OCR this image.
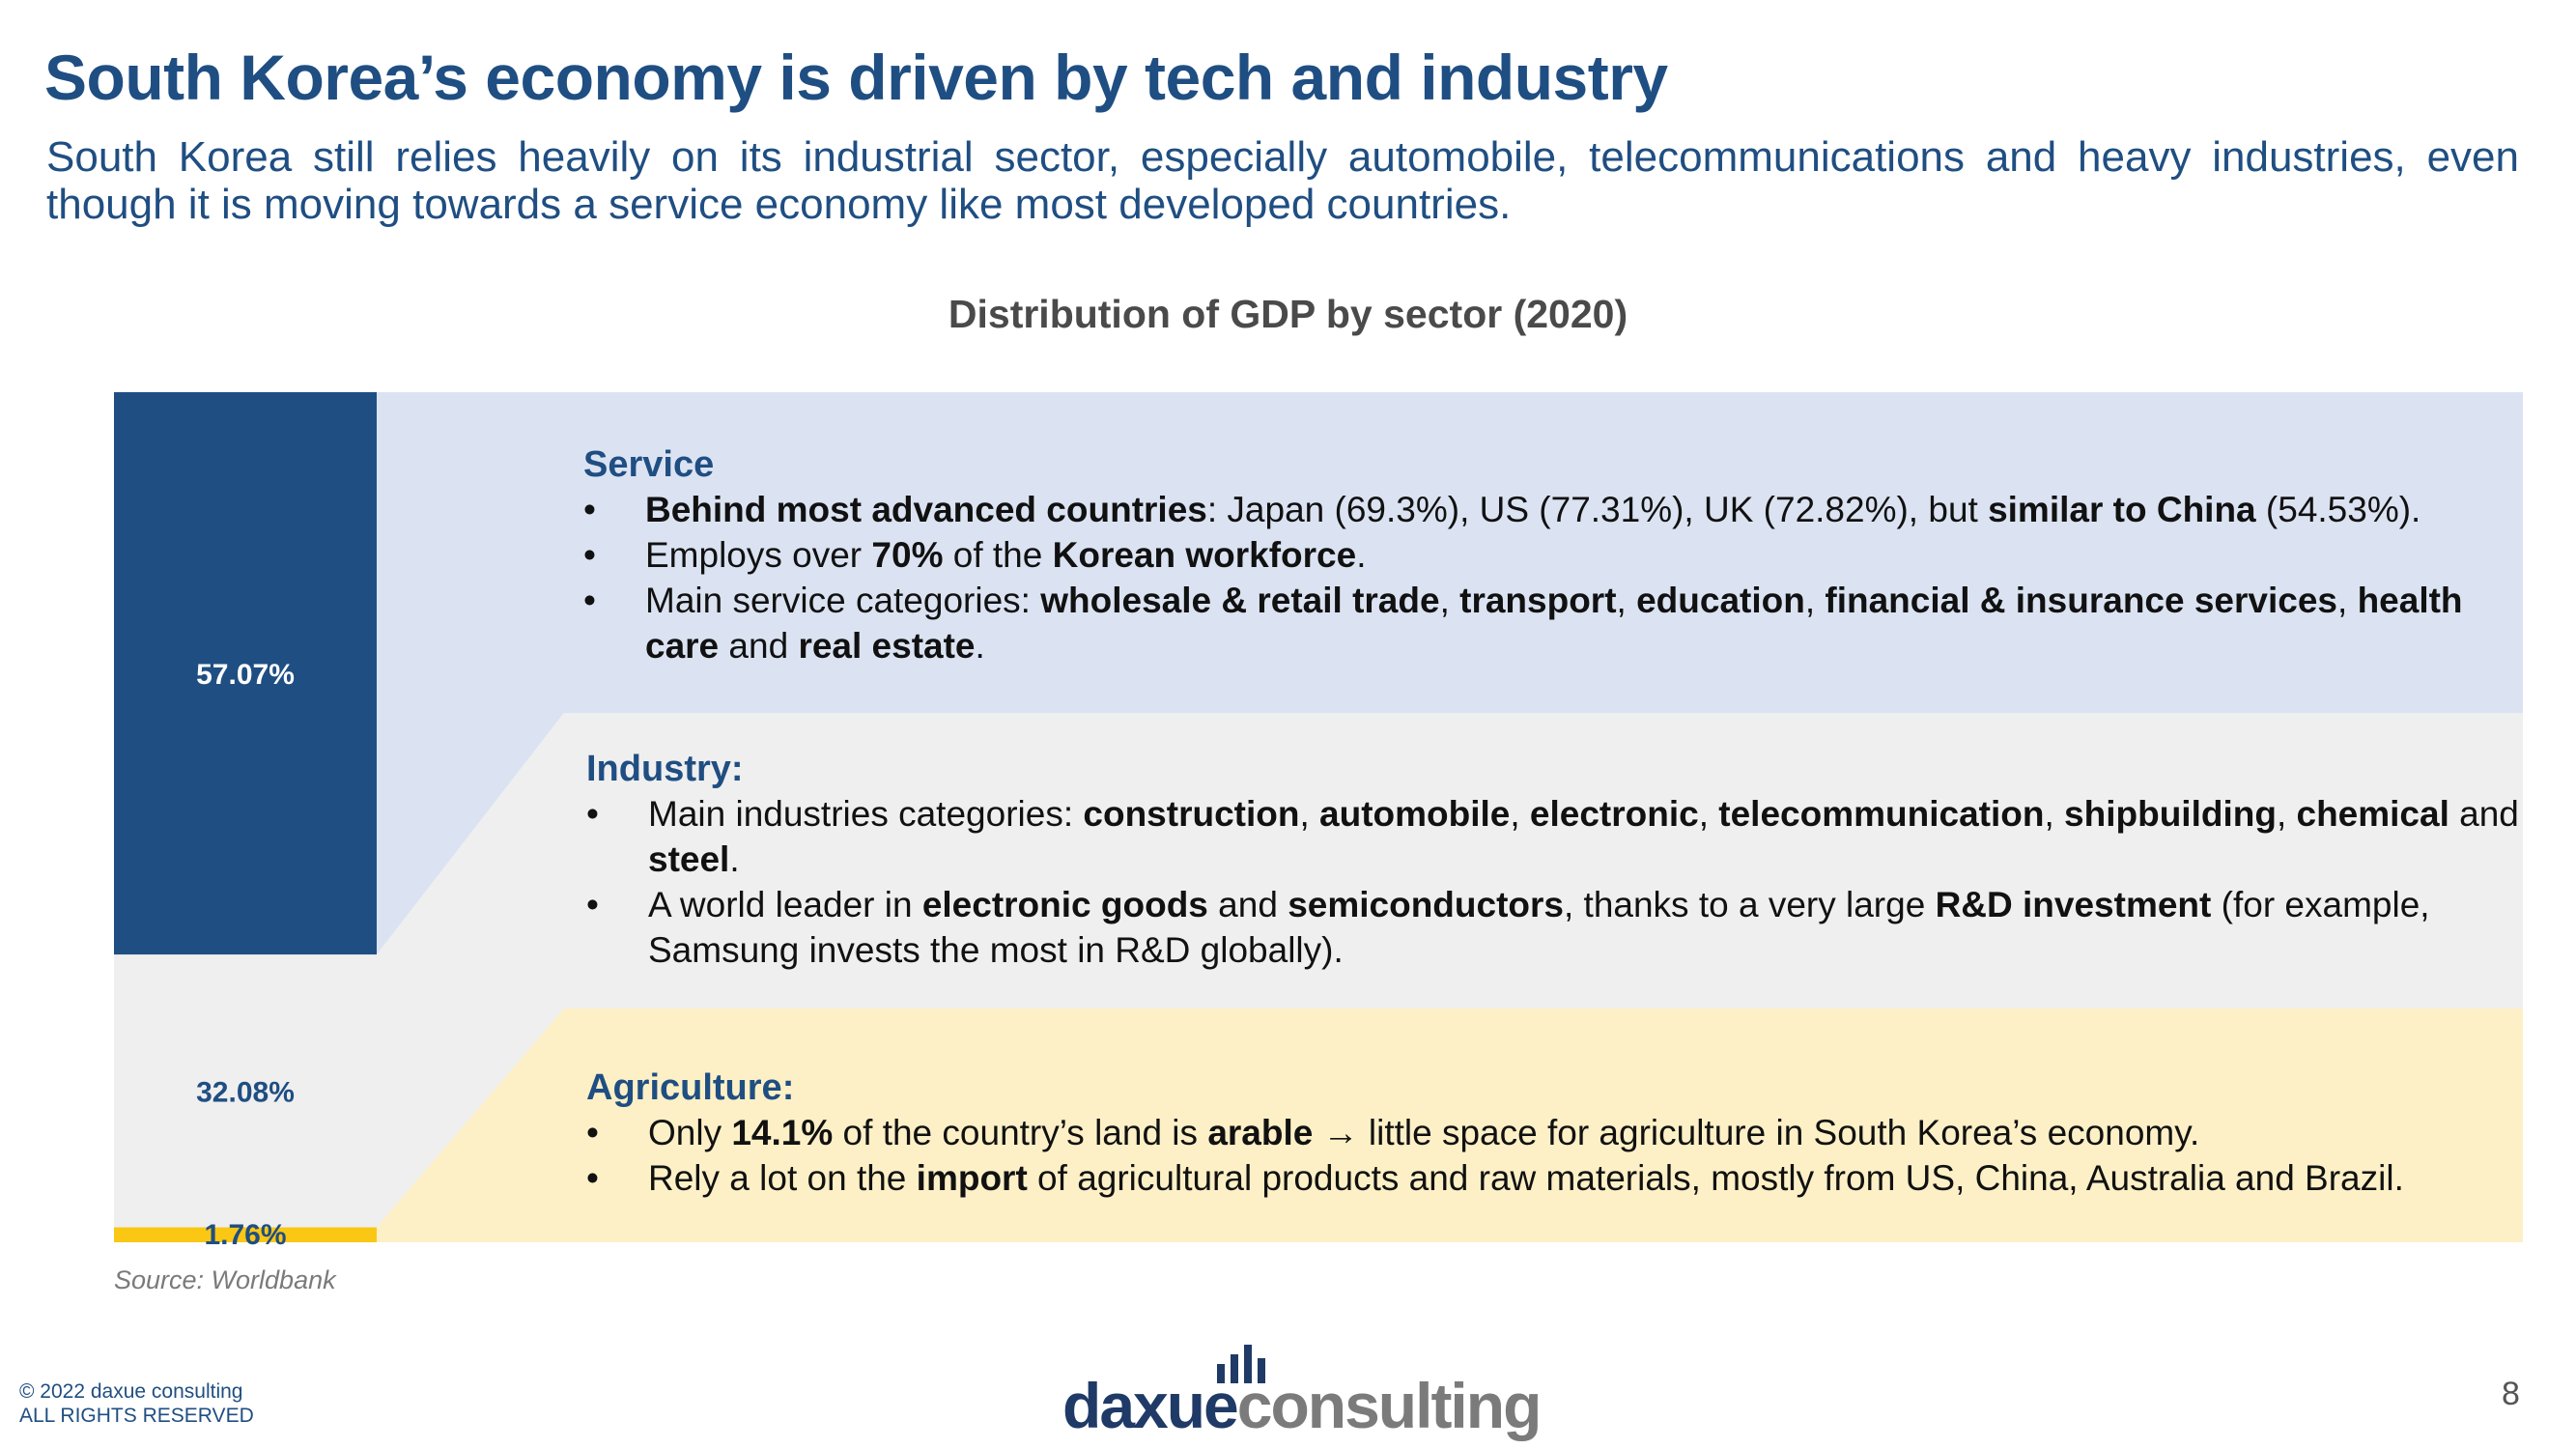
South Korea’s economy is driven by tech and industry

South Korea still relies heavily on its industrial sector, especially automobile, telecommunications and heavy industries, even though it is moving towards a service economy like most developed countries.

Distribution of GDP by sector (2020)
57.07%
32.08%
1.76%
Service
• Behind most advanced countries: Japan (69.3%), US (77.31%), UK (72.82%), but similar to China (54.53%).
• Employs over 70% of the Korean workforce.
• Main service categories: wholesale & retail trade, transport, education, financial & insurance services, health care and real estate.
Industry:
• Main industries categories: construction, automobile, electronic, telecommunication, shipbuilding, chemical and steel.
• A world leader in electronic goods and semiconductors, thanks to a very large R&D investment (for example, Samsung invests the most in R&D globally).
Agriculture:
• Only 14.1% of the country’s land is arable → little space for agriculture in South Korea’s economy.
• Rely a lot on the import of agricultural products and raw materials, mostly from US, China, Australia and Brazil.
Source: Worldbank
© 2022 daxue consulting
ALL RIGHTS RESERVED	daxueconsulting	8
